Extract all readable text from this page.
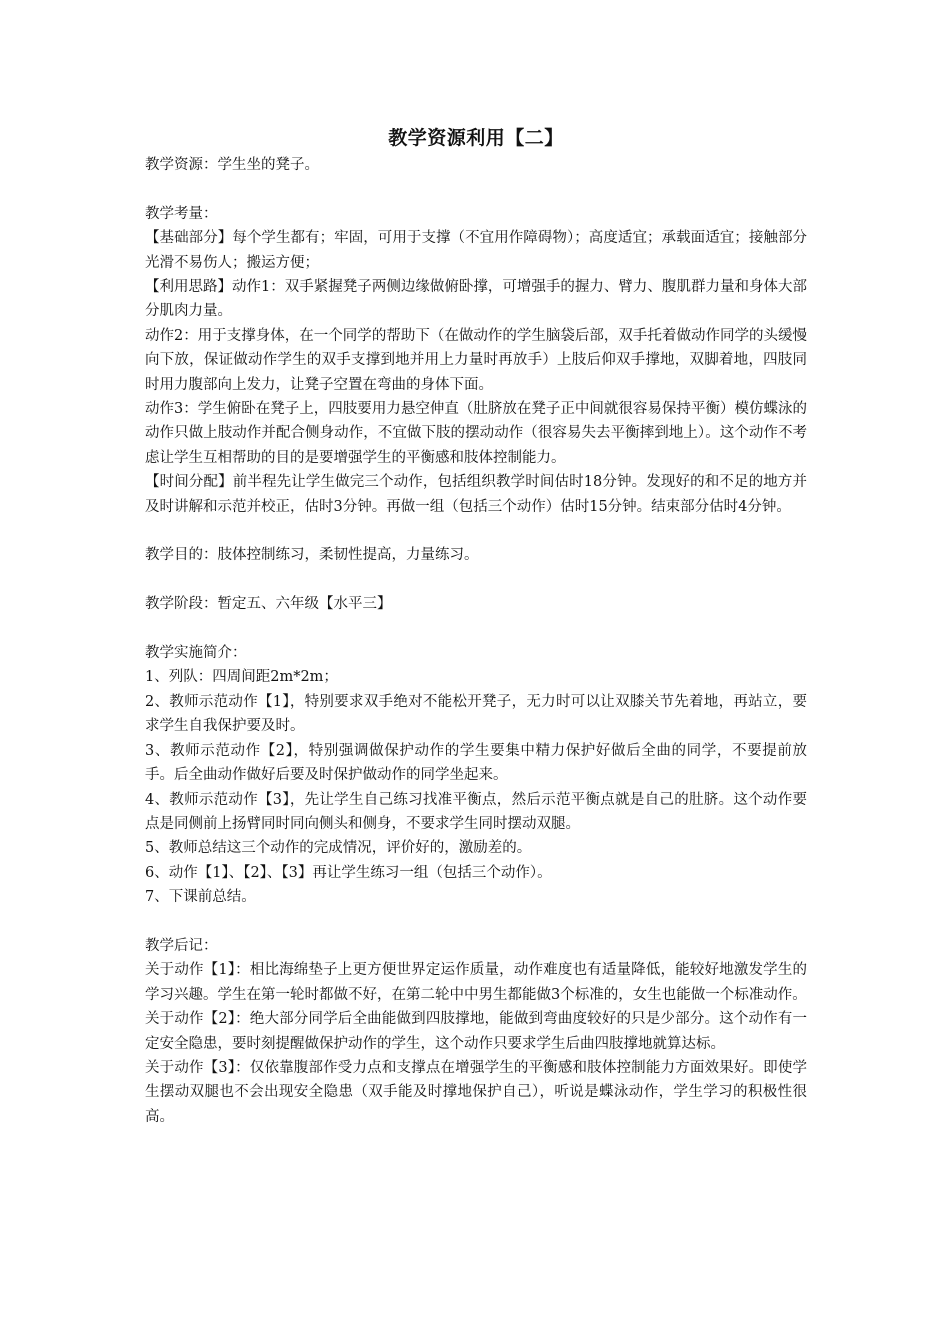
教学资源利用【二】

教学资源：学生坐的凳子。

教学考量：

【基础部分】每个学生都有；牢固，可用于支撑（不宜用作障碍物）；高度适宜；承载面适宜；接触部分光滑不易伤人；搬运方便；

【利用思路】动作1：双手紧握凳子两侧边缘做俯卧撑，可增强手的握力、臂力、腹肌群力量和身体大部分肌肉力量。

动作2：用于支撑身体，在一个同学的帮助下（在做动作的学生脑袋后部，双手托着做动作同学的头缓慢向下放，保证做动作学生的双手支撑到地并用上力量时再放手）上肢后仰双手撑地，双脚着地，四肢同时用力腹部向上发力，让凳子空置在弯曲的身体下面。

动作3：学生俯卧在凳子上，四肢要用力悬空伸直（肚脐放在凳子正中间就很容易保持平衡）模仿蝶泳的动作只做上肢动作并配合侧身动作，不宜做下肢的摆动动作（很容易失去平衡摔到地上）。这个动作不考虑让学生互相帮助的目的是要增强学生的平衡感和肢体控制能力。

【时间分配】前半程先让学生做完三个动作，包括组织教学时间估时18分钟。发现好的和不足的地方并及时讲解和示范并校正，估时3分钟。再做一组（包括三个动作）估时15分钟。结束部分估时4分钟。

教学目的：肢体控制练习，柔韧性提高，力量练习。

教学阶段：暂定五、六年级【水平三】

教学实施简介：

1、列队：四周间距2m*2m；

2、教师示范动作【1】，特别要求双手绝对不能松开凳子，无力时可以让双膝关节先着地，再站立，要求学生自我保护要及时。

3、教师示范动作【2】，特别强调做保护动作的学生要集中精力保护好做后全曲的同学，不要提前放手。后全曲动作做好后要及时保护做动作的同学坐起来。

4、教师示范动作【3】，先让学生自己练习找准平衡点，然后示范平衡点就是自己的肚脐。这个动作要点是同侧前上扬臂同时同向侧头和侧身，不要求学生同时摆动双腿。

5、教师总结这三个动作的完成情况，评价好的，激励差的。

6、动作【1】、【2】、【3】再让学生练习一组（包括三个动作）。

7、下课前总结。

教学后记：

关于动作【1】：相比海绵垫子上更方便世界定运作质量，动作难度也有适量降低，能较好地激发学生的学习兴趣。学生在第一轮时都做不好，在第二轮中中男生都能做3个标准的，女生也能做一个标准动作。

关于动作【2】：绝大部分同学后全曲能做到四肢撑地，能做到弯曲度较好的只是少部分。这个动作有一定安全隐患，要时刻提醒做保护动作的学生，这个动作只要求学生后曲四肢撑地就算达标。

关于动作【3】：仅依靠腹部作受力点和支撑点在增强学生的平衡感和肢体控制能力方面效果好。即使学生摆动双腿也不会出现安全隐患（双手能及时撑地保护自己），听说是蝶泳动作，学生学习的积极性很高。
